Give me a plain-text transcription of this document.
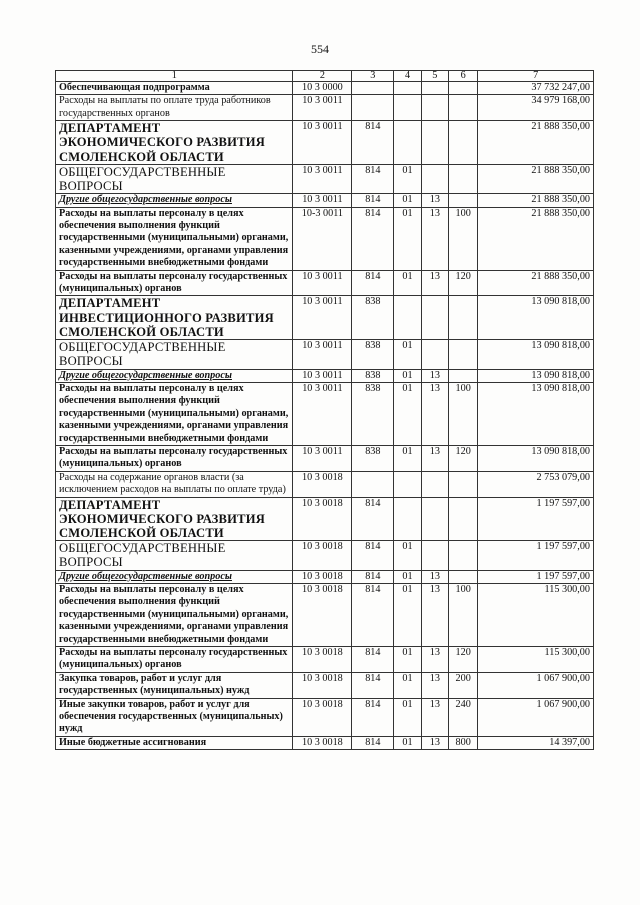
554
1	2	3	4	5	6	7
Обеспечивающая подпрограмма	10 3 0000					37 732 247,00
Расходы на выплаты по оплате труда работников государственных органов	10 3 0011					34 979 168,00
ДЕПАРТАМЕНТ ЭКОНОМИЧЕСКОГО РАЗВИТИЯ СМОЛЕНСКОЙ ОБЛАСТИ	10 3 0011	814				21 888 350,00
ОБЩЕГОСУДАРСТВЕННЫЕ ВОПРОСЫ	10 3 0011	814	01			21 888 350,00
Другие общегосударственные вопросы	10 3 0011	814	01	13		21 888 350,00
Расходы на выплаты персоналу в целях обеспечения выполнения функций государственными (муниципальными) органами, казенными учреждениями, органами управления государственными внебюджетными фондами	10-3 0011	814	01	13	100	21 888 350,00
Расходы на выплаты персоналу государственных (муниципальных) органов	10 3 0011	814	01	13	120	21 888 350,00
ДЕПАРТАМЕНТ ИНВЕСТИЦИОННОГО РАЗВИТИЯ СМОЛЕНСКОЙ ОБЛАСТИ	10 3 0011	838				13 090 818,00
ОБЩЕГОСУДАРСТВЕННЫЕ ВОПРОСЫ	10 3 0011	838	01			13 090 818,00
Другие общегосударственные вопросы	10 3 0011	838	01	13		13 090 818,00
Расходы на выплаты персоналу в целях обеспечения выполнения функций государственными (муниципальными) органами, казенными учреждениями, органами управления государственными внебюджетными фондами	10 3 0011	838	01	13	100	13 090 818,00
Расходы на выплаты персоналу государственных (муниципальных) органов	10 3 0011	838	01	13	120	13 090 818,00
Расходы на содержание органов власти (за исключением расходов на выплаты по оплате труда)	10 3 0018					2 753 079,00
ДЕПАРТАМЕНТ ЭКОНОМИЧЕСКОГО РАЗВИТИЯ СМОЛЕНСКОЙ ОБЛАСТИ	10 3 0018	814				1 197 597,00
ОБЩЕГОСУДАРСТВЕННЫЕ ВОПРОСЫ	10 3 0018	814	01			1 197 597,00
Другие общегосударственные вопросы	10 3 0018	814	01	13		1 197 597,00
Расходы на выплаты персоналу в целях обеспечения выполнения функций государственными (муниципальными) органами, казенными учреждениями, органами управления государственными внебюджетными фондами	10 3 0018	814	01	13	100	115 300,00
Расходы на выплаты персоналу государственных (муниципальных) органов	10 3 0018	814	01	13	120	115 300,00
Закупка товаров, работ и услуг для государственных (муниципальных) нужд	10 3 0018	814	01	13	200	1 067 900,00
Иные закупки товаров, работ и услуг для обеспечения государственных (муниципальных) нужд	10 3 0018	814	01	13	240	1 067 900,00
Иные бюджетные ассигнования	10 3 0018	814	01	13	800	14 397,00
